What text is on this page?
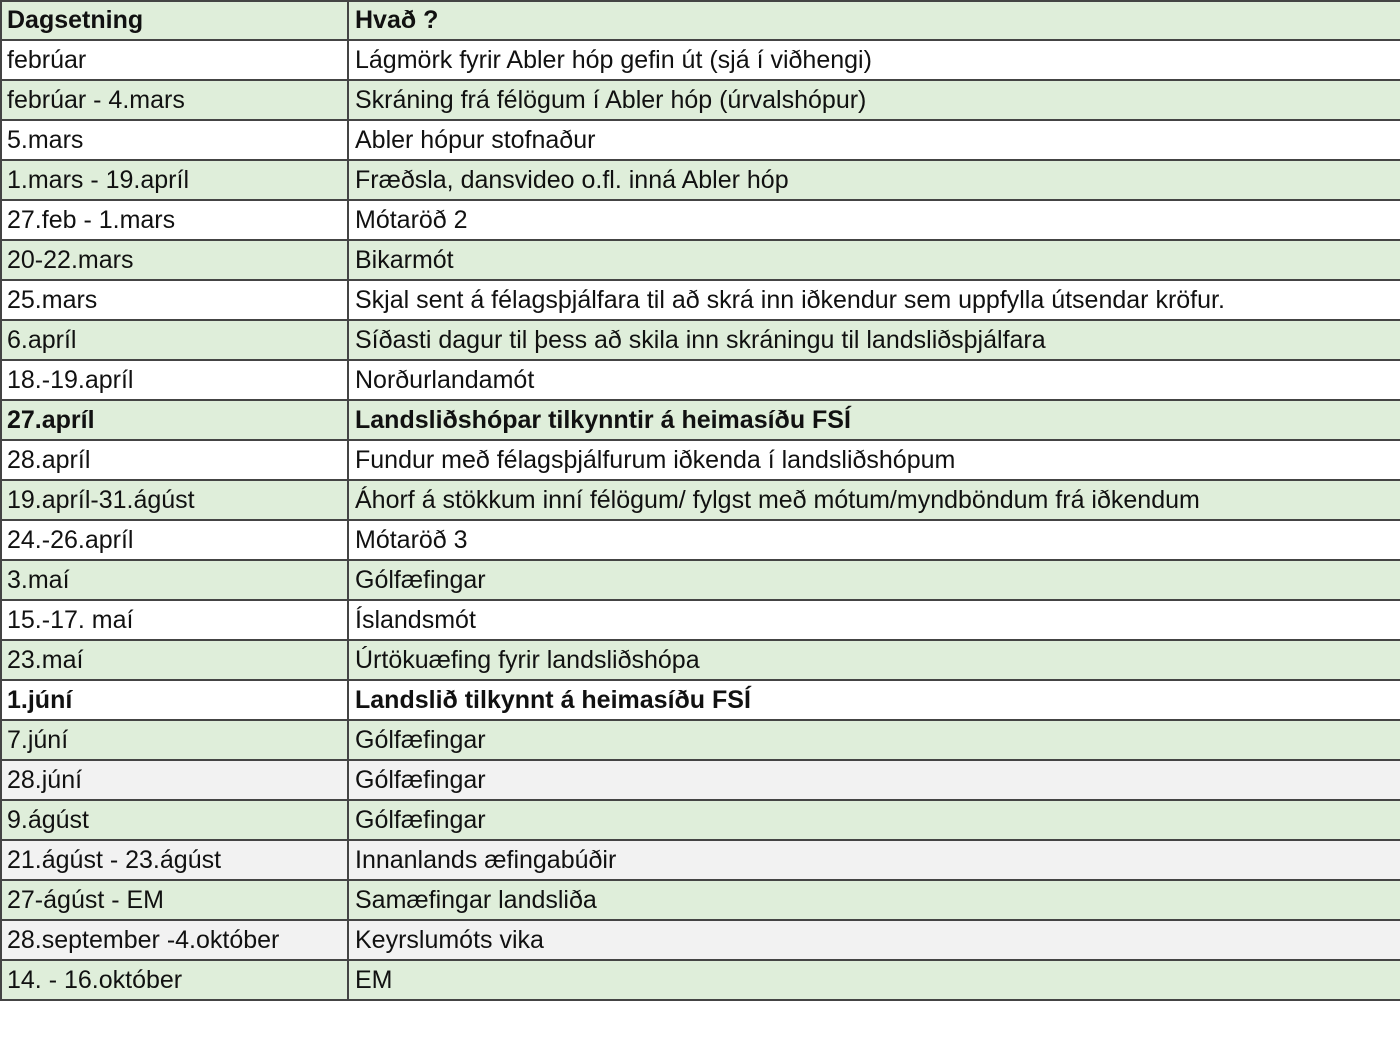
Dagsetning	Hvað ?
febrúar	Lágmörk fyrir Abler hóp gefin út (sjá í viðhengi)
febrúar - 4.mars	Skráning frá félögum í Abler hóp (úrvalshópur)
5.mars	Abler hópur stofnaður
1.mars - 19.apríl	Fræðsla, dansvideo o.fl. inná Abler hóp
27.feb - 1.mars	Mótaröð 2
20-22.mars	Bikarmót
25.mars	Skjal sent á félagsþjálfara til að skrá inn iðkendur sem uppfylla útsendar kröfur.
6.apríl	Síðasti dagur til þess að skila inn skráningu til landsliðsþjálfara
18.-19.apríl	Norðurlandamót
27.apríl	Landsliðshópar tilkynntir á heimasíðu FSÍ
28.apríl	Fundur með félagsþjálfurum iðkenda í landsliðshópum
19.apríl-31.ágúst	Áhorf á stökkum inní félögum/ fylgst með mótum/myndböndum frá iðkendum
24.-26.apríl	Mótaröð 3
3.maí	Gólfæfingar
15.-17. maí	Íslandsmót
23.maí	Úrtökuæfing fyrir landsliðshópa
1.júní	Landslið tilkynnt á heimasíðu FSÍ
7.júní	Gólfæfingar
28.júní	Gólfæfingar
9.ágúst	Gólfæfingar
21.ágúst - 23.ágúst	Innanlands æfingabúðir
27-ágúst - EM	Samæfingar landsliða
28.september -4.október	Keyrslumóts vika
14. - 16.október	EM
